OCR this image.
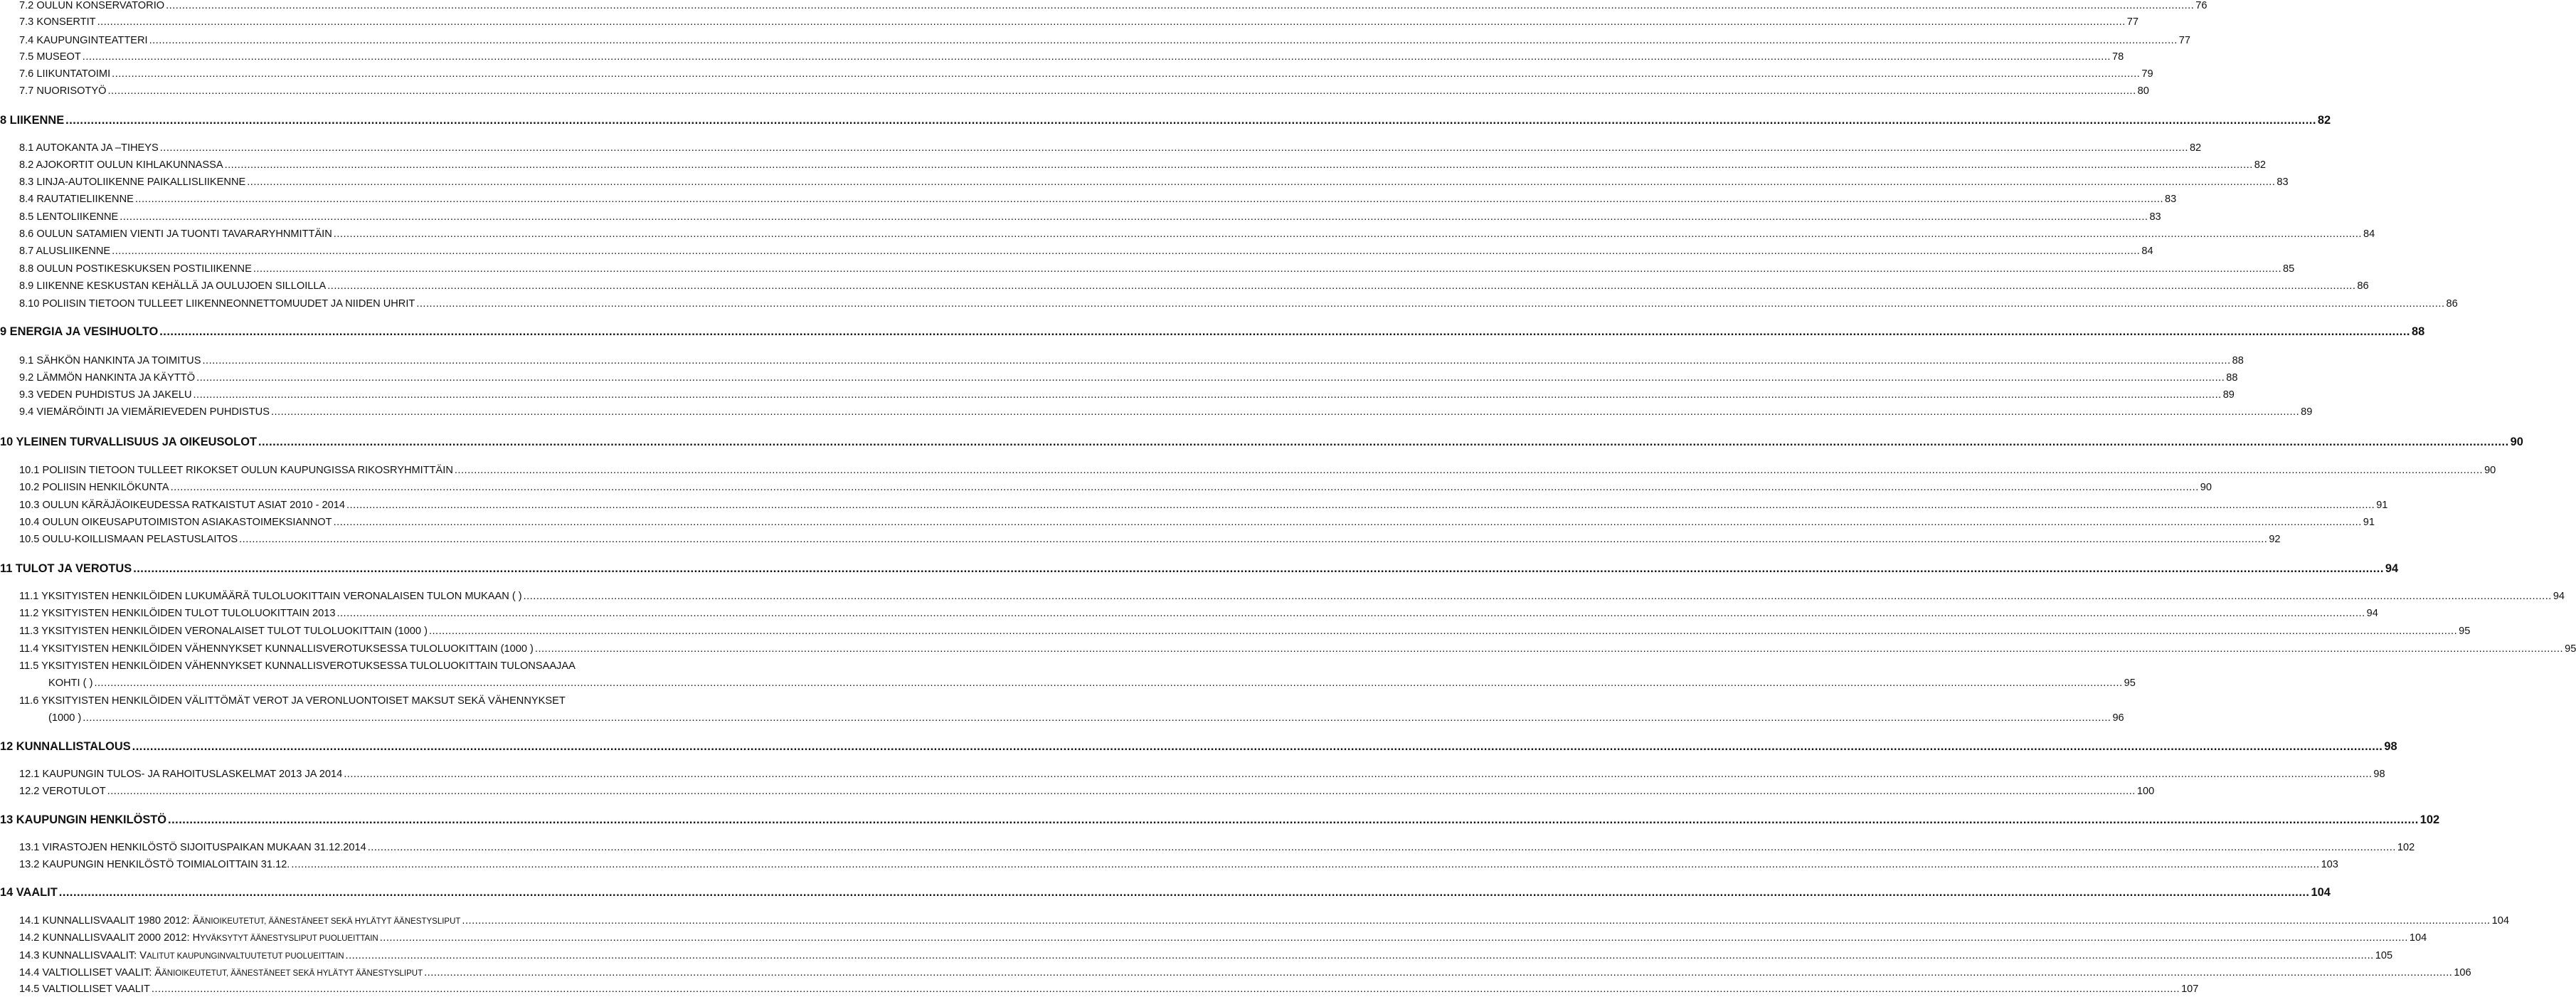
7.2 OULUN KONSERVATORIO .....	76
7.3 KONSERTIT .....	77
7.4 KAUPUNGINTEATTERI .....	77
7.5 MUSEOT .....	78
7.6 LIIKUNTATOIMI .....	79
7.7 NUORISOTYÖ .....	80
8 LIIKENNE .....	82
8.1 AUTOKANTA JA –TIHEYS .....	82
8.2 AJOKORTIT OULUN KIHLAKUNNASSA .....	82
8.3 LINJA-AUTOLIIKENNE PAIKALLISLIIKENNE .....	83
8.4 RAUTATIELIIKENNE .....	83
8.5 LENTOLIIKENNE .....	83
8.6 OULUN SATAMIEN VIENTI JA TUONTI TAVARARYHNMITTÄIN .....	84
8.7 ALUSLIIKENNE .....	84
8.8 OULUN POSTIKESKUKSEN POSTILIIKENNE .....	85
8.9 LIIKENNE KESKUSTAN KEHÄLLÄ JA OULUJOEN SILLOILLA .....	86
8.10 POLIISIN TIETOON TULLEET LIIKENNEONNETTOMUUDET JA NIIDEN UHRIT .....	86
9 ENERGIA JA VESIHUOLTO .....	88
9.1 SÄHKÖN HANKINTA JA TOIMITUS .....	88
9.2 LÄMMÖN HANKINTA JA KÄYTTÖ .....	88
9.3 VEDEN PUHDISTUS JA JAKELU .....	89
9.4 VIEMÄRÖINTI JA VIEMÄRIEVEDEN PUHDISTUS .....	89
10 YLEINEN TURVALLISUUS JA OIKEUSOLOT .....	90
10.1 POLIISIN TIETOON TULLEET RIKOKSET OULUN KAUPUNGISSA RIKOSRYHMITTÄIN .....	90
10.2 POLIISIN HENKILÖKUNTA .....	90
10.3 OULUN KÄRÄJÄOIKEUDESSA RATKAISTUT ASIAT 2010 - 2014 .....	91
10.4 OULUN OIKEUSAPUTOIMISTON ASIAKASTOIMEKSIANNOT .....	91
10.5 OULU-KOILLISMAAN PELASTUSLAITOS .....	92
11 TULOT JA VEROTUS .....	94
11.1 YKSITYISTEN HENKILÖIDEN LUKUMÄÄRÄ TULOLUOKITTAIN VERONALAISEN TULON MUKAAN ( ) .....	94
11.2 YKSITYISTEN HENKILÖIDEN TULOT TULOLUOKITTAIN 2013 .....	94
11.3 YKSITYISTEN HENKILÖIDEN VERONALAISET TULOT TULOLUOKITTAIN (1000 ) .....	95
11.4 YKSITYISTEN HENKILÖIDEN VÄHENNYKSET KUNNALLISVEROTUKSESSA TULOLUOKITTAIN (1000 ) .....	95
11.5 YKSITYISTEN HENKILÖIDEN VÄHENNYKSET KUNNALLISVEROTUKSESSA TULOLUOKITTAIN TULONSAAJAA
KOHTI ( ) .....	95
11.6 YKSITYISTEN HENKILÖIDEN VÄLITTÖMÄT VEROT JA VERONLUONTOISET MAKSUT SEKÄ VÄHENNYKSET
(1000 ) .....	96
12 KUNNALLISTALOUS .....	98
12.1 KAUPUNGIN TULOS- JA RAHOITUSLASKELMAT 2013 JA 2014 .....	98
12.2 VEROTULOT .....	100
13 KAUPUNGIN HENKILÖSTÖ .....	102
13.1 VIRASTOJEN HENKILÖSTÖ SIJOITUSPAIKAN MUKAAN 31.12.2014 .....	102
13.2 KAUPUNGIN HENKILÖSTÖ TOIMIALOITTAIN 31.12. .....	103
14 VAALIT .....	104
14.1 KUNNALLISVAALIT 1980 2012: ÄÄNIOIKEUTETUT, ÄÄNESTÄNEET SEKÄ HYLÄTYT ÄÄNESTYSLIPUT .....	104
14.2 KUNNALLISVAALIT 2000 2012: HYVÄKSYTYT ÄÄNESTYSLIPUT PUOLUEITTAIN .....	104
14.3 KUNNALLISVAALIT: VALITUT KAUPUNGINVALTUUTETUT PUOLUEITTAIN .....	105
14.4 VALTIOLLISET VAALIT: ÄÄNIOIKEUTETUT, ÄÄNESTÄNEET SEKÄ HYLÄTYT ÄÄNESTYSLIPUT .....	106
14.5 VALTIOLLISET VAALIT .....	107
